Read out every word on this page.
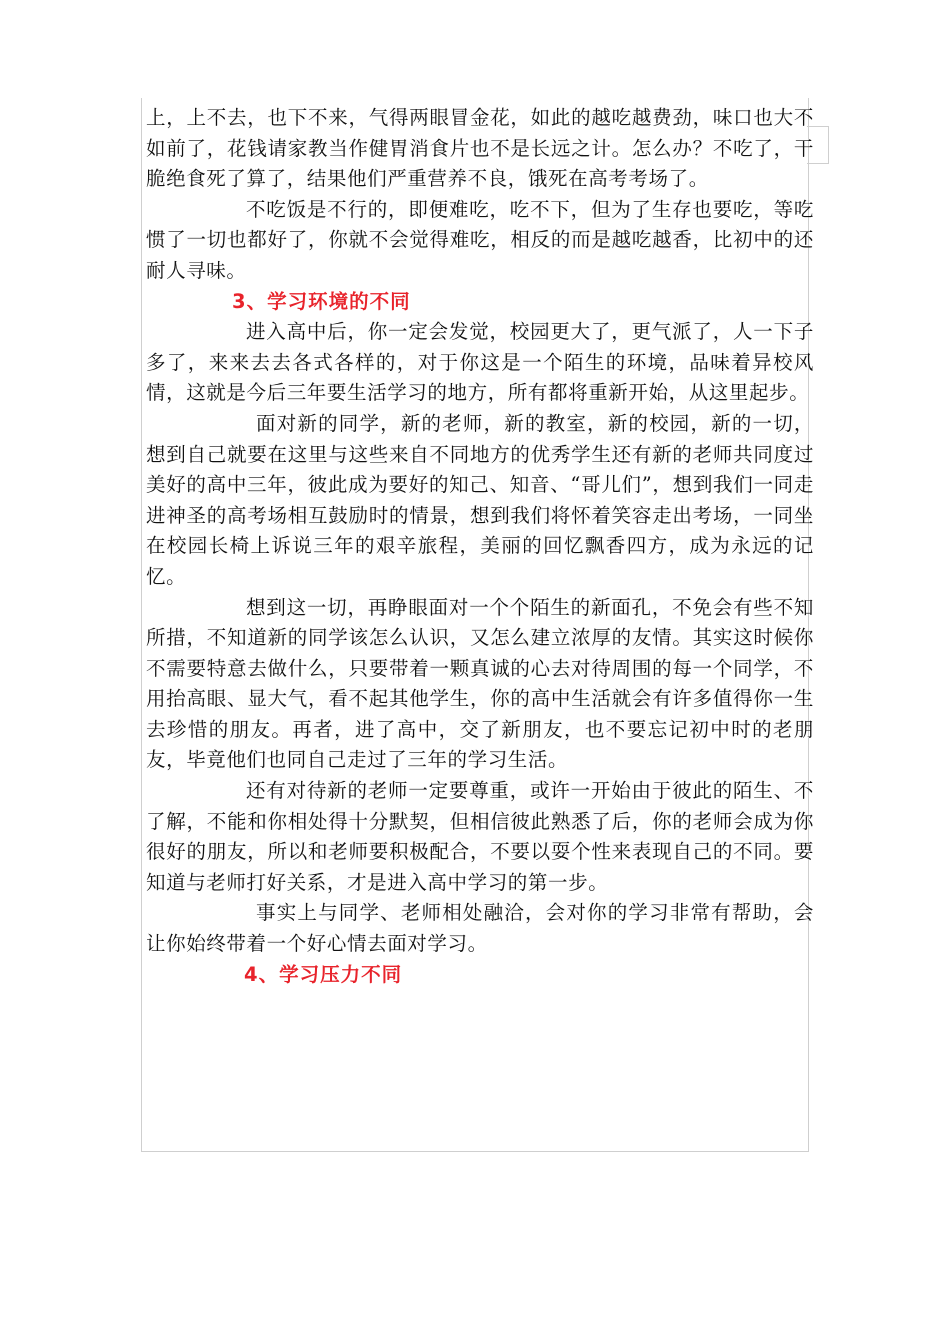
上，上不去，也下不来，气得两眼冒金花，如此的越吃越费劲，味口也大不如前了，花钱请家教当作健胃消食片也不是长远之计。怎么办？不吃了，干脆绝食死了算了，结果他们严重营养不良，饿死在高考考场了。

不吃饭是不行的，即便难吃，吃不下，但为了生存也要吃，等吃惯了一切也都好了，你就不会觉得难吃，相反的而是越吃越香，比初中的还耐人寻味。

3、学习环境的不同

进入高中后，你一定会发觉，校园更大了，更气派了，人一下子多了，来来去去各式各样的，对于你这是一个陌生的环境，品味着异校风情，这就是今后三年要生活学习的地方，所有都将重新开始，从这里起步。

面对新的同学，新的老师，新的教室，新的校园，新的一切，想到自己就要在这里与这些来自不同地方的优秀学生还有新的老师共同度过美好的高中三年，彼此成为要好的知己、知音、“哥儿们”，想到我们一同走进神圣的高考场相互鼓励时的情景，想到我们将怀着笑容走出考场，一同坐在校园长椅上诉说三年的艰辛旅程，美丽的回忆飘香四方，成为永远的记忆。

想到这一切，再睁眼面对一个个陌生的新面孔，不免会有些不知所措，不知道新的同学该怎么认识，又怎么建立浓厚的友情。其实这时候你不需要特意去做什么，只要带着一颗真诚的心去对待周围的每一个同学，不用抬高眼、显大气，看不起其他学生，你的高中生活就会有许多值得你一生去珍惜的朋友。再者，进了高中，交了新朋友，也不要忘记初中时的老朋友，毕竟他们也同自己走过了三年的学习生活。

还有对待新的老师一定要尊重，或许一开始由于彼此的陌生、不了解，不能和你相处得十分默契，但相信彼此熟悉了后，你的老师会成为你很好的朋友，所以和老师要积极配合，不要以耍个性来表现自己的不同。要知道与老师打好关系，才是进入高中学习的第一步。

事实上与同学、老师相处融洽，会对你的学习非常有帮助，会让你始终带着一个好心情去面对学习。

4、学习压力不同
